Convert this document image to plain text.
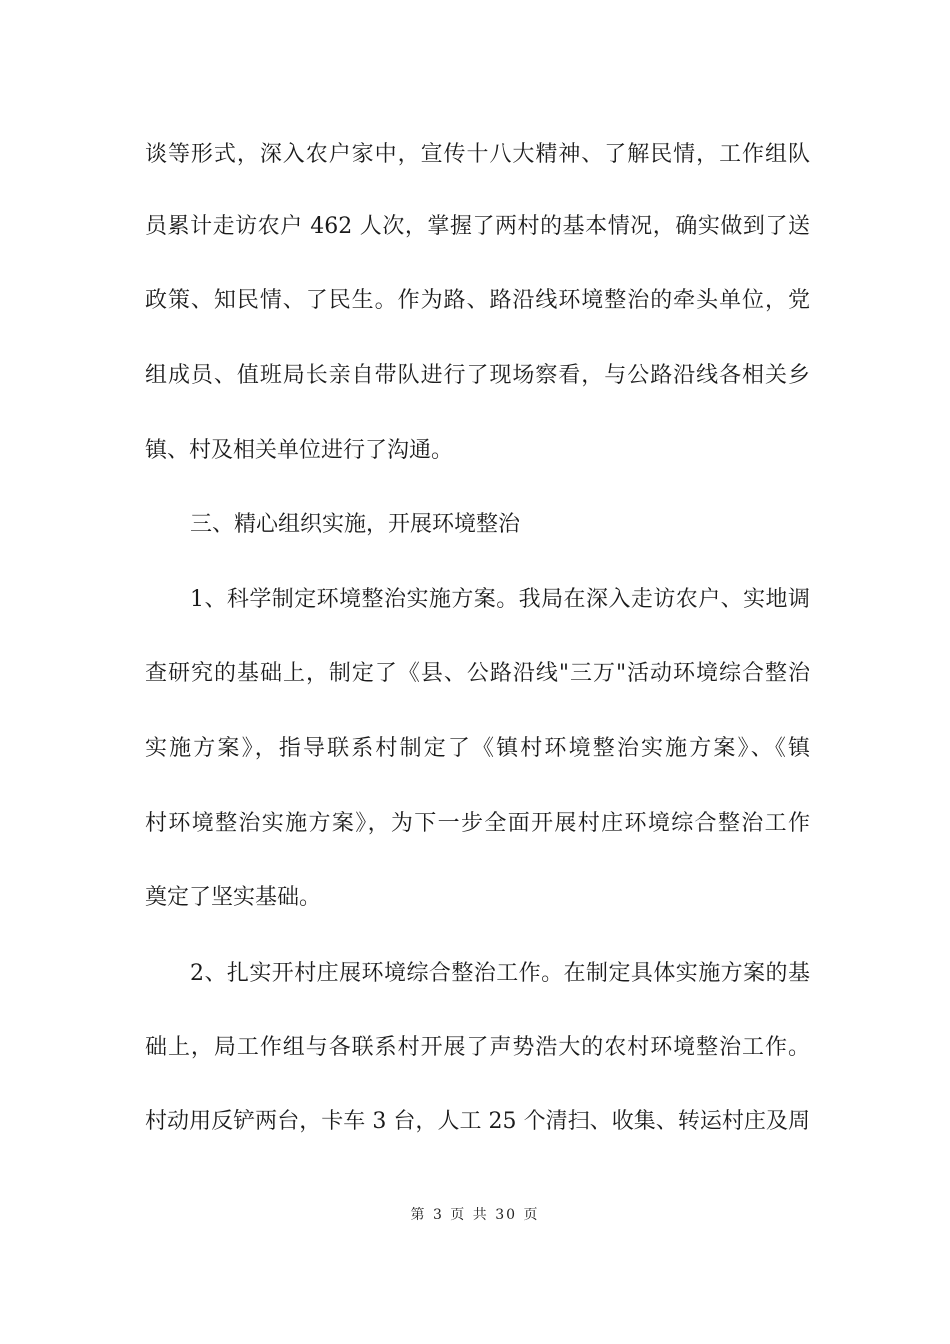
谈等形式，深入农户家中，宣传十八大精神、了解民情，工作组队
员累计走访农户 462 人次，掌握了两村的基本情况，确实做到了送
政策、知民情、了民生。作为路、路沿线环境整治的牵头单位，党
组成员、值班局长亲自带队进行了现场察看，与公路沿线各相关乡
镇、村及相关单位进行了沟通。
三、精心组织实施，开展环境整治
1、科学制定环境整治实施方案。我局在深入走访农户、实地调
查研究的基础上，制定了《县、公路沿线"三万"活动环境综合整治
实施方案》，指导联系村制定了《镇村环境整治实施方案》、《镇
村环境整治实施方案》，为下一步全面开展村庄环境综合整治工作
奠定了坚实基础。
2、扎实开村庄展环境综合整治工作。在制定具体实施方案的基
础上，局工作组与各联系村开展了声势浩大的农村环境整治工作。
村动用反铲两台，卡车 3 台，人工 25 个清扫、收集、转运村庄及周
第 3 页 共 30 页
